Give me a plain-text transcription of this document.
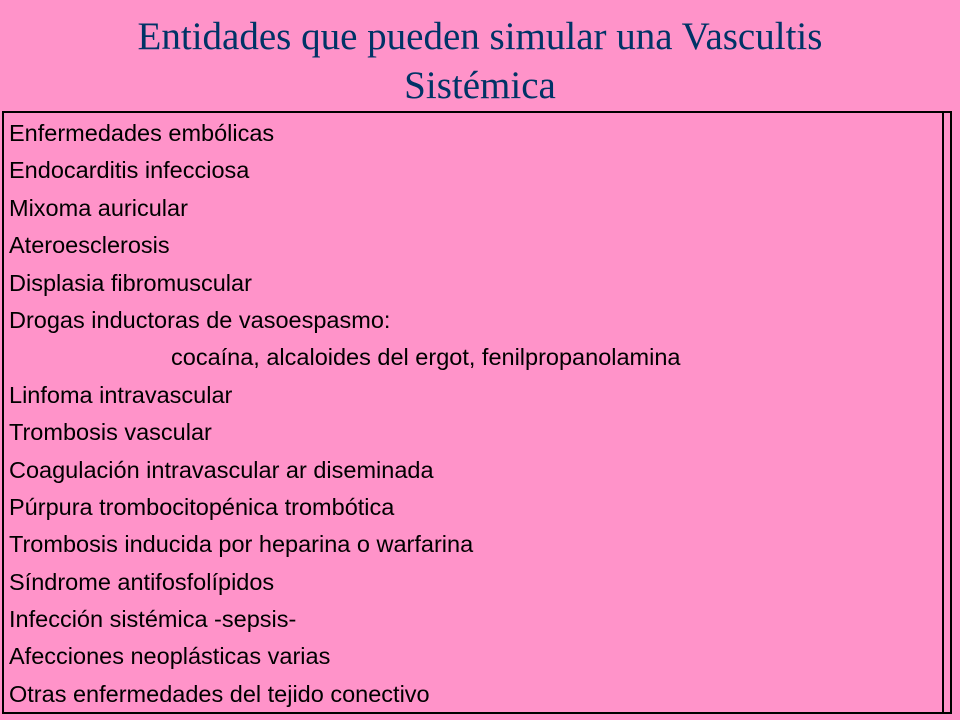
Entidades que pueden simular una Vascultis
Sistémica
Enfermedades embólicas
Endocarditis infecciosa
Mixoma auricular
Ateroesclerosis
Displasia fibromuscular
Drogas inductoras de vasoespasmo:
cocaína, alcaloides del ergot, fenilpropanolamina
Linfoma intravascular
Trombosis vascular
Coagulación intravascular ar diseminada
Púrpura trombocitopénica trombótica
Trombosis inducida por heparina o warfarina
Síndrome antifosfolípidos
Infección sistémica -sepsis-
Afecciones neoplásticas varias
Otras enfermedades del tejido conectivo
